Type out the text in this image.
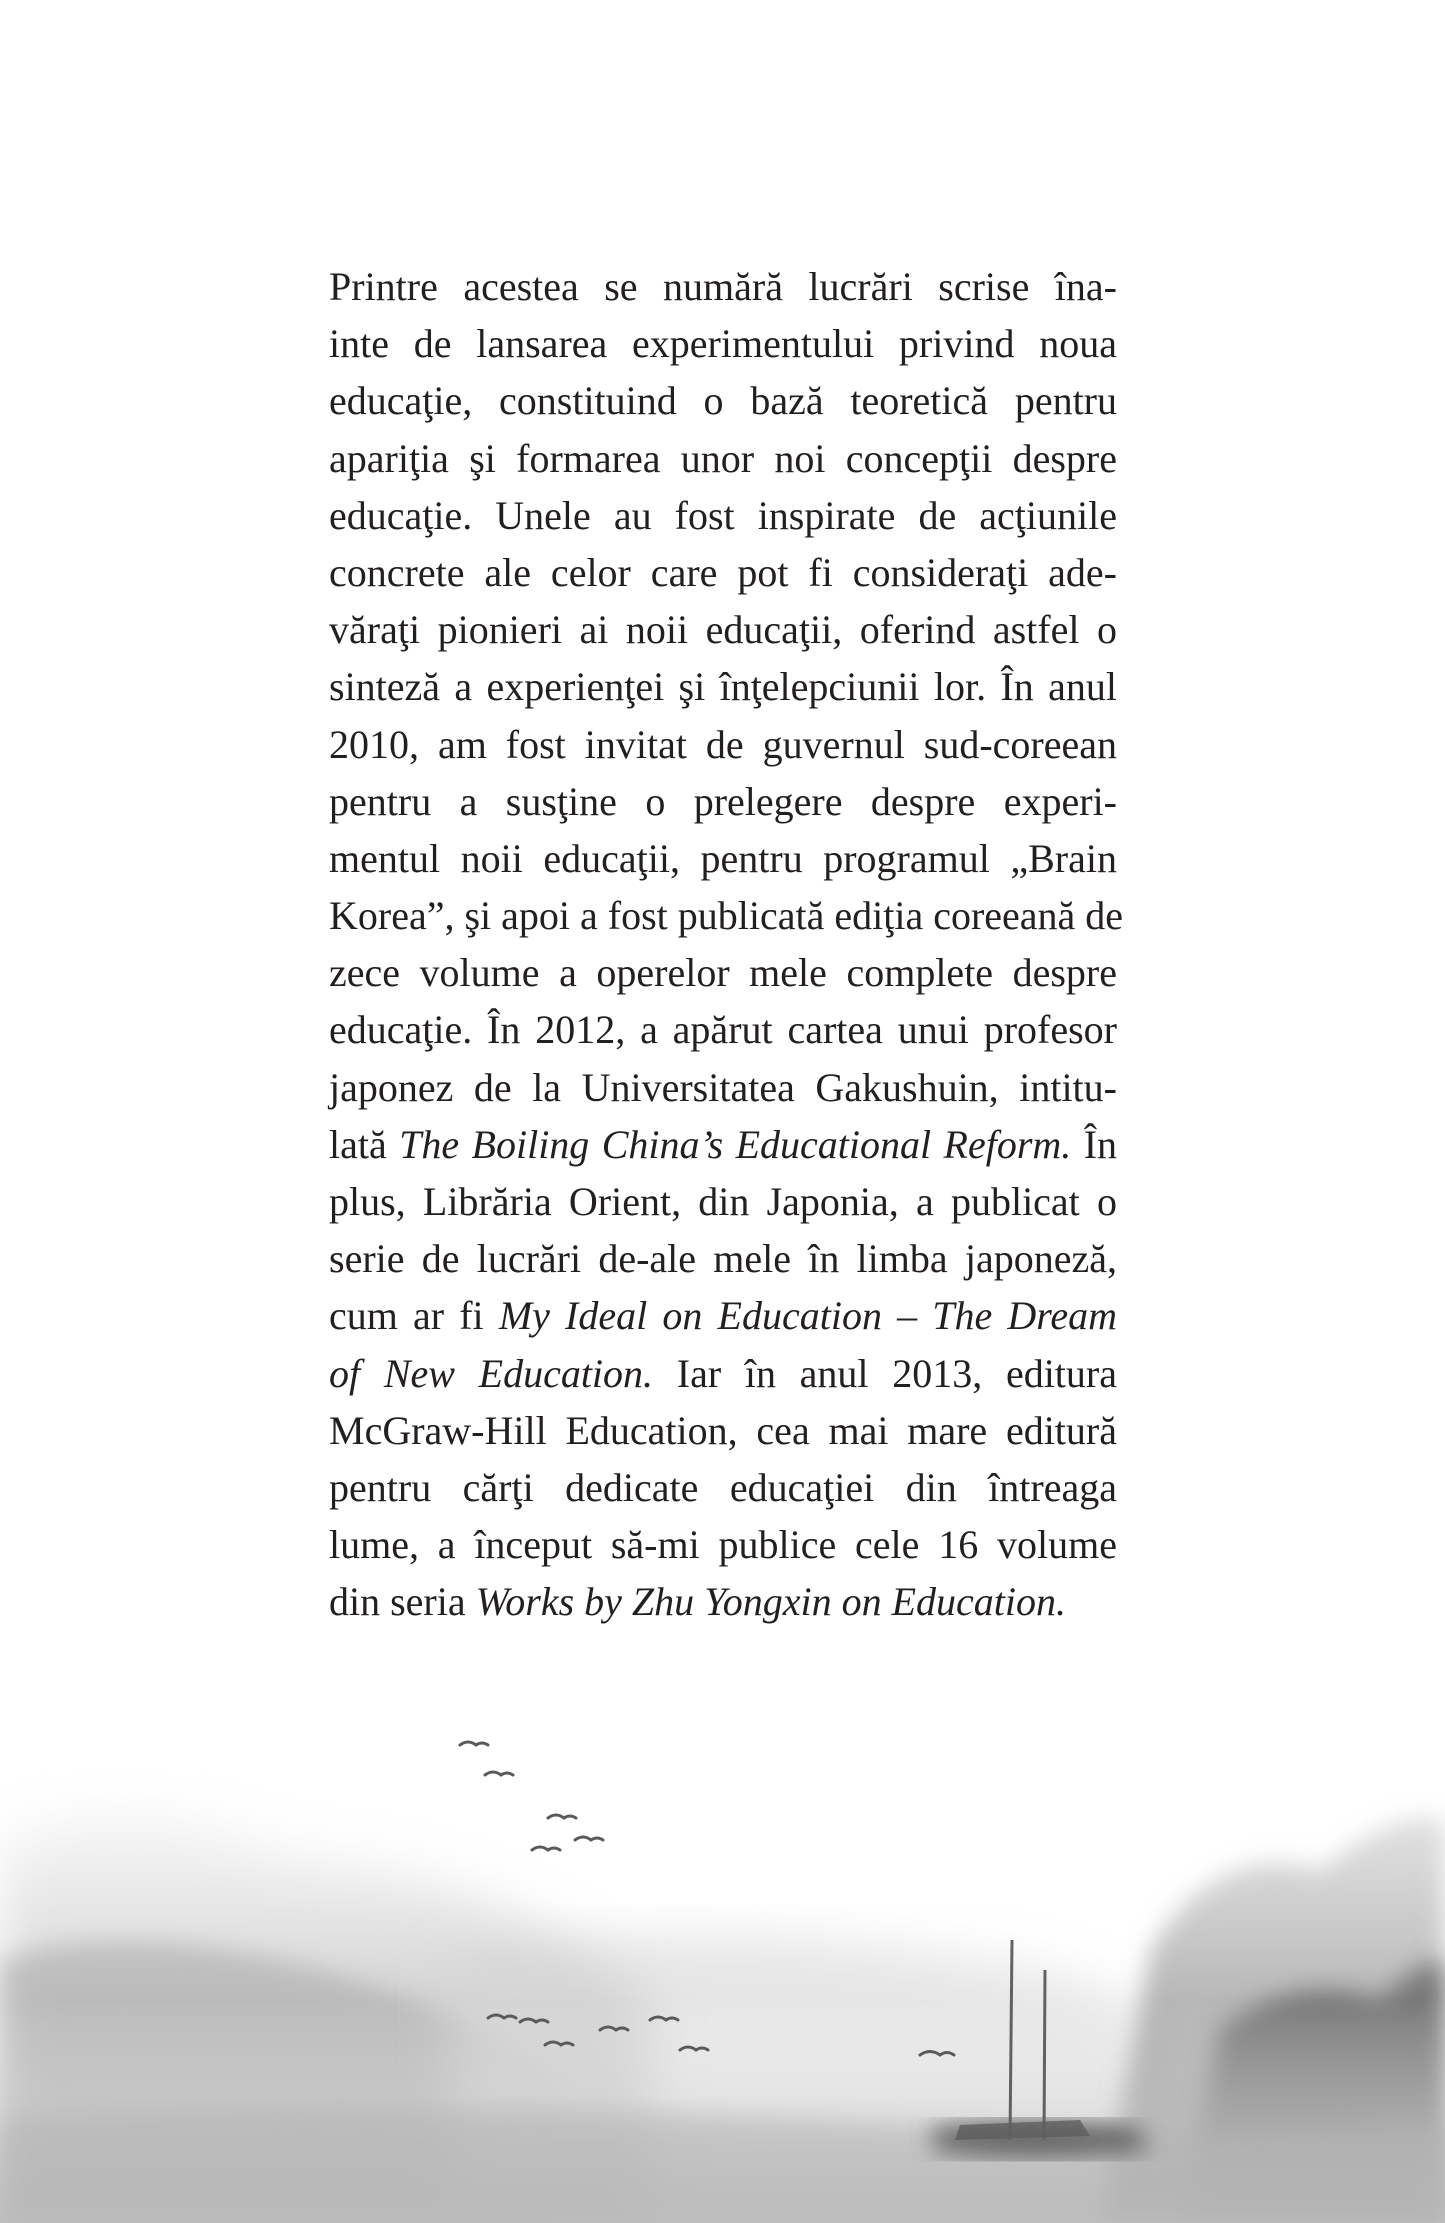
Printre acestea se numără lucrări scrise îna-
inte de lansarea experimentului privind noua
educaţie, constituind o bază teoretică pentru
apariţia şi formarea unor noi concepţii despre
educaţie. Unele au fost inspirate de acţiunile
concrete ale celor care pot fi consideraţi ade-
văraţi pionieri ai noii educaţii, oferind astfel o
sinteză a experienţei şi înţelepciunii lor. În anul
2010, am fost invitat de guvernul sud-coreean
pentru a susţine o prelegere despre experi-
mentul noii educaţii, pentru programul „Brain
Korea”, şi apoi a fost publicată ediţia coreeană de
zece volume a operelor mele complete despre
educaţie. În 2012, a apărut cartea unui profesor
japonez de la Universitatea Gakushuin, intitu-
lată The Boiling China’s Educational Reform. În
plus, Librăria Orient, din Japonia, a publicat o
serie de lucrări de-ale mele în limba japoneză,
cum ar fi My Ideal on Education – The Dream
of New Education. Iar în anul 2013, editura
McGraw-Hill Education, cea mai mare editură
pentru cărţi dedicate educaţiei din întreaga
lume, a început să-mi publice cele 16 volume
din seria Works by Zhu Yongxin on Education.
